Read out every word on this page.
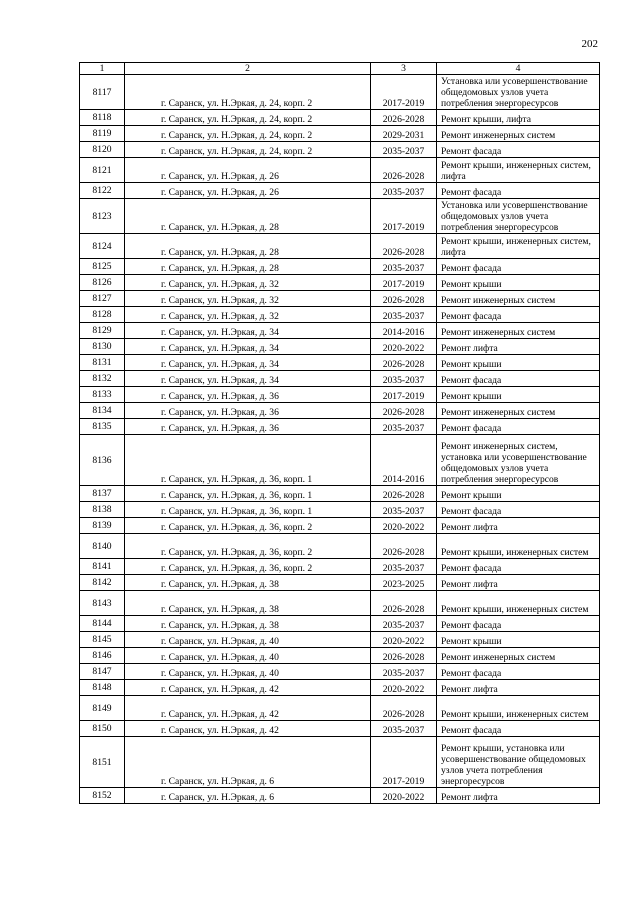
202
1	2	3	4
8117	г. Саранск, ул. Н.Эркая, д. 24, корп. 2	2017-2019	Установка или усовершенствование общедомовых узлов учета потребления энергоресурсов
8118	г. Саранск, ул. Н.Эркая, д. 24, корп. 2	2026-2028	Ремонт крыши, лифта
8119	г. Саранск, ул. Н.Эркая, д. 24, корп. 2	2029-2031	Ремонт инженерных систем
8120	г. Саранск, ул. Н.Эркая, д. 24, корп. 2	2035-2037	Ремонт фасада
8121	г. Саранск, ул. Н.Эркая, д. 26	2026-2028	Ремонт крыши, инженерных систем, лифта
8122	г. Саранск, ул. Н.Эркая, д. 26	2035-2037	Ремонт фасада
8123	г. Саранск, ул. Н.Эркая, д. 28	2017-2019	Установка или усовершенствование общедомовых узлов учета потребления энергоресурсов
8124	г. Саранск, ул. Н.Эркая, д. 28	2026-2028	Ремонт крыши, инженерных систем, лифта
8125	г. Саранск, ул. Н.Эркая, д. 28	2035-2037	Ремонт фасада
8126	г. Саранск, ул. Н.Эркая, д. 32	2017-2019	Ремонт крыши
8127	г. Саранск, ул. Н.Эркая, д. 32	2026-2028	Ремонт инженерных систем
8128	г. Саранск, ул. Н.Эркая, д. 32	2035-2037	Ремонт фасада
8129	г. Саранск, ул. Н.Эркая, д. 34	2014-2016	Ремонт инженерных систем
8130	г. Саранск, ул. Н.Эркая, д. 34	2020-2022	Ремонт лифта
8131	г. Саранск, ул. Н.Эркая, д. 34	2026-2028	Ремонт крыши
8132	г. Саранск, ул. Н.Эркая, д. 34	2035-2037	Ремонт фасада
8133	г. Саранск, ул. Н.Эркая, д. 36	2017-2019	Ремонт крыши
8134	г. Саранск, ул. Н.Эркая, д. 36	2026-2028	Ремонт инженерных систем
8135	г. Саранск, ул. Н.Эркая, д. 36	2035-2037	Ремонт фасада
8136	г. Саранск, ул. Н.Эркая, д. 36, корп. 1	2014-2016	Ремонт инженерных систем, установка или усовершенствование общедомовых узлов учета потребления энергоресурсов
8137	г. Саранск, ул. Н.Эркая, д. 36, корп. 1	2026-2028	Ремонт крыши
8138	г. Саранск, ул. Н.Эркая, д. 36, корп. 1	2035-2037	Ремонт фасада
8139	г. Саранск, ул. Н.Эркая, д. 36, корп. 2	2020-2022	Ремонт лифта
8140	г. Саранск, ул. Н.Эркая, д. 36, корп. 2	2026-2028	Ремонт крыши, инженерных систем
8141	г. Саранск, ул. Н.Эркая, д. 36, корп. 2	2035-2037	Ремонт фасада
8142	г. Саранск, ул. Н.Эркая, д. 38	2023-2025	Ремонт лифта
8143	г. Саранск, ул. Н.Эркая, д. 38	2026-2028	Ремонт крыши, инженерных систем
8144	г. Саранск, ул. Н.Эркая, д. 38	2035-2037	Ремонт фасада
8145	г. Саранск, ул. Н.Эркая, д. 40	2020-2022	Ремонт крыши
8146	г. Саранск, ул. Н.Эркая, д. 40	2026-2028	Ремонт инженерных систем
8147	г. Саранск, ул. Н.Эркая, д. 40	2035-2037	Ремонт фасада
8148	г. Саранск, ул. Н.Эркая, д. 42	2020-2022	Ремонт лифта
8149	г. Саранск, ул. Н.Эркая, д. 42	2026-2028	Ремонт крыши, инженерных систем
8150	г. Саранск, ул. Н.Эркая, д. 42	2035-2037	Ремонт фасада
8151	г. Саранск, ул. Н.Эркая, д. 6	2017-2019	Ремонт крыши, установка или усовершенствование общедомовых узлов учета потребления энергоресурсов
8152	г. Саранск, ул. Н.Эркая, д. 6	2020-2022	Ремонт лифта
